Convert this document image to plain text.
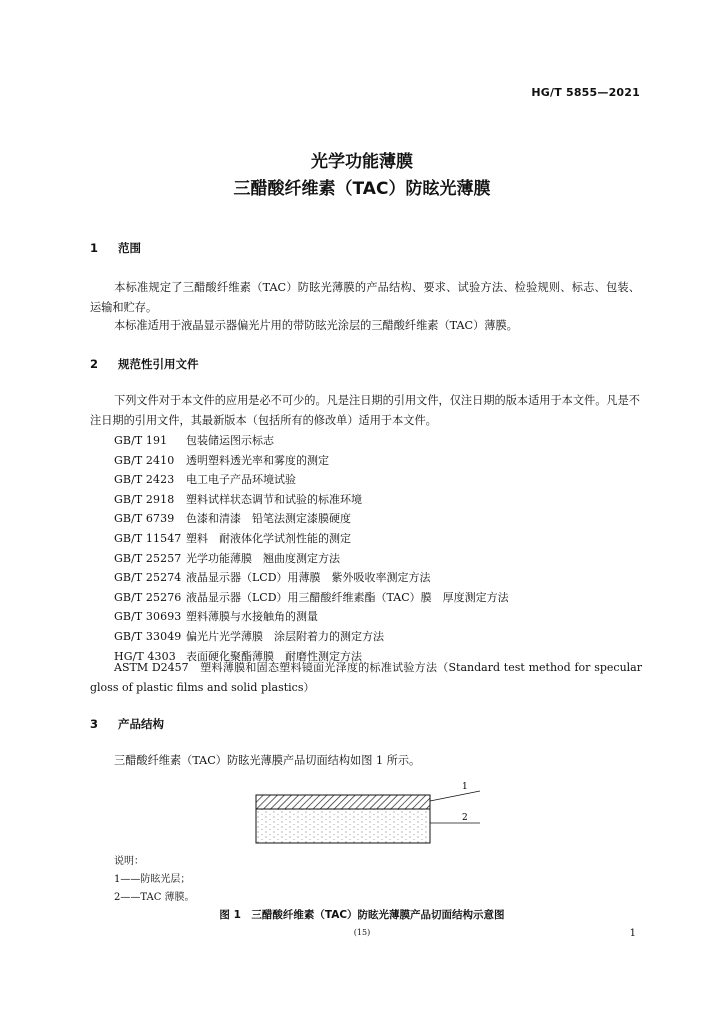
HG/T 5855—2021
光学功能薄膜
三醋酸纤维素（TAC）防眩光薄膜
1 范围
本标准规定了三醋酸纤维素（TAC）防眩光薄膜的产品结构、要求、试验方法、检验规则、标志、包装、运输和贮存。
本标准适用于液晶显示器偏光片用的带防眩光涂层的三醋酸纤维素（TAC）薄膜。
2 规范性引用文件
下列文件对于本文件的应用是必不可少的。凡是注日期的引用文件，仅注日期的版本适用于本文件。凡是不注日期的引用文件，其最新版本（包括所有的修改单）适用于本文件。
GB/T 191 包装储运图示标志
GB/T 2410 透明塑料透光率和雾度的测定
GB/T 2423 电工电子产品环境试验
GB/T 2918 塑料试样状态调节和试验的标准环境
GB/T 6739 色漆和清漆　铅笔法测定漆膜硬度
GB/T 11547 塑料　耐液体化学试剂性能的测定
GB/T 25257 光学功能薄膜　翘曲度测定方法
GB/T 25274 液晶显示器（LCD）用薄膜　紫外吸收率测定方法
GB/T 25276 液晶显示器（LCD）用三醋酸纤维素酯（TAC）膜　厚度测定方法
GB/T 30693 塑料薄膜与水接触角的测量
GB/T 33049 偏光片光学薄膜　涂层附着力的测定方法
HG/T 4303 表面硬化聚酯薄膜　耐磨性测定方法
ASTM D2457　塑料薄膜和固态塑料镜面光泽度的标准试验方法（Standard test method for specular gloss of plastic films and solid plastics）
3 产品结构
三醋酸纤维素（TAC）防眩光薄膜产品切面结构如图 1 所示。
1
2
说明：
1——防眩光层；
2——TAC 薄膜。
图 1　三醋酸纤维素（TAC）防眩光薄膜产品切面结构示意图
(15)	1
